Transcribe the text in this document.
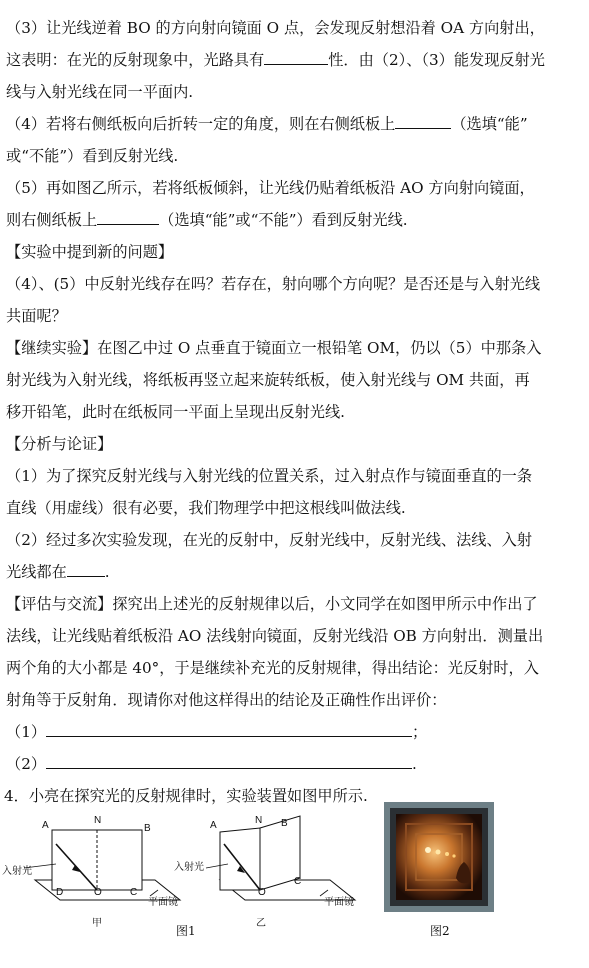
（3）让光线逆着 BO 的方向射向镜面 O 点，会发现反射想沿着 OA 方向射出，
这表明：在光的反射现象中，光路具有	性．由（2）、（3）能发现反射光
线与入射光线在同一平面内.
（4）若将右侧纸板向后折转一定的角度，则在右侧纸板上	（选填“能”
或“不能”）看到反射光线.
（5）再如图乙所示，若将纸板倾斜，让光线仍贴着纸板沿 AO 方向射向镜面，
则右侧纸板上	（选填“能”或“不能”）看到反射光线.
【实验中提到新的问题】
（4）、(5）中反射光线存在吗？若存在，射向哪个方向呢？是否还是与入射光线
共面呢？
【继续实验】在图乙中过 O 点垂直于镜面立一根铅笔 OM，仍以（5）中那条入
射光线为入射光线，将纸板再竖立起来旋转纸板，使入射光线与 OM 共面，再
移开铅笔，此时在纸板同一平面上呈现出反射光线.
【分析与论证】
（1）为了探究反射光线与入射光线的位置关系，过入射点作与镜面垂直的一条
直线（用虚线）很有必要，我们物理学中把这根线叫做法线.
（2）经过多次实验发现，在光的反射中，反射光线中，反射光线、法线、入射
光线都在	.
【评估与交流】探究出上述光的反射规律以后，小文同学在如图甲所示中作出了
法线，让光线贴着纸板沿 AO 法线射向镜面，反射光线沿 OB 方向射出．测量出
两个角的大小都是 40°，于是继续补充光的反射规律，得出结论：光反射时，入
射角等于反射角．现请你对他这样得出的结论及正确性作出评价：
（1）	；
（2）	.
4．小亮在探究光的反射规律时，实验装置如图甲所示.
A	N
B
入射光
D	O	C
平面镜
甲
A	N B
入射光
O
C
平面镜
乙
图1	图2
